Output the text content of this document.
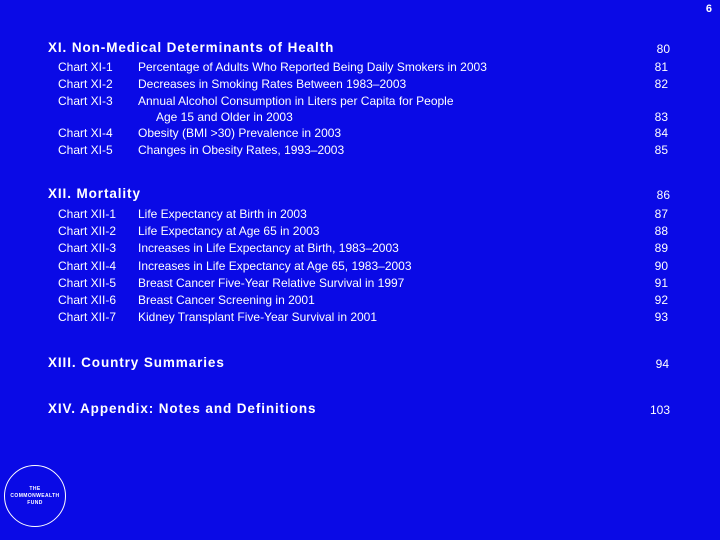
6
XI. Non-Medical Determinants of Health	80
Chart XI-1 Percentage of Adults Who Reported Being Daily Smokers in 2003	81
Chart XI-2 Decreases in Smoking Rates Between 1983–2003	82
Chart XI-3 Annual Alcohol Consumption in Liters per Capita for People
Age 15 and Older in 2003	83
Chart XI-4 Obesity (BMI >30) Prevalence in 2003	84
Chart XI-5 Changes in Obesity Rates, 1993–2003	85
XII. Mortality	86
Chart XII-1 Life Expectancy at Birth in 2003	87
Chart XII-2 Life Expectancy at Age 65 in 2003	88
Chart XII-3 Increases in Life Expectancy at Birth, 1983–2003	89
Chart XII-4 Increases in Life Expectancy at Age 65, 1983–2003	90
Chart XII-5 Breast Cancer Five-Year Relative Survival in 1997	91
Chart XII-6 Breast Cancer Screening in 2001	92
Chart XII-7 Kidney Transplant Five-Year Survival in 2001	93
XIII. Country Summaries	94
XIV. Appendix: Notes and Definitions	103
THE
COMMONWEALTH
FUND
